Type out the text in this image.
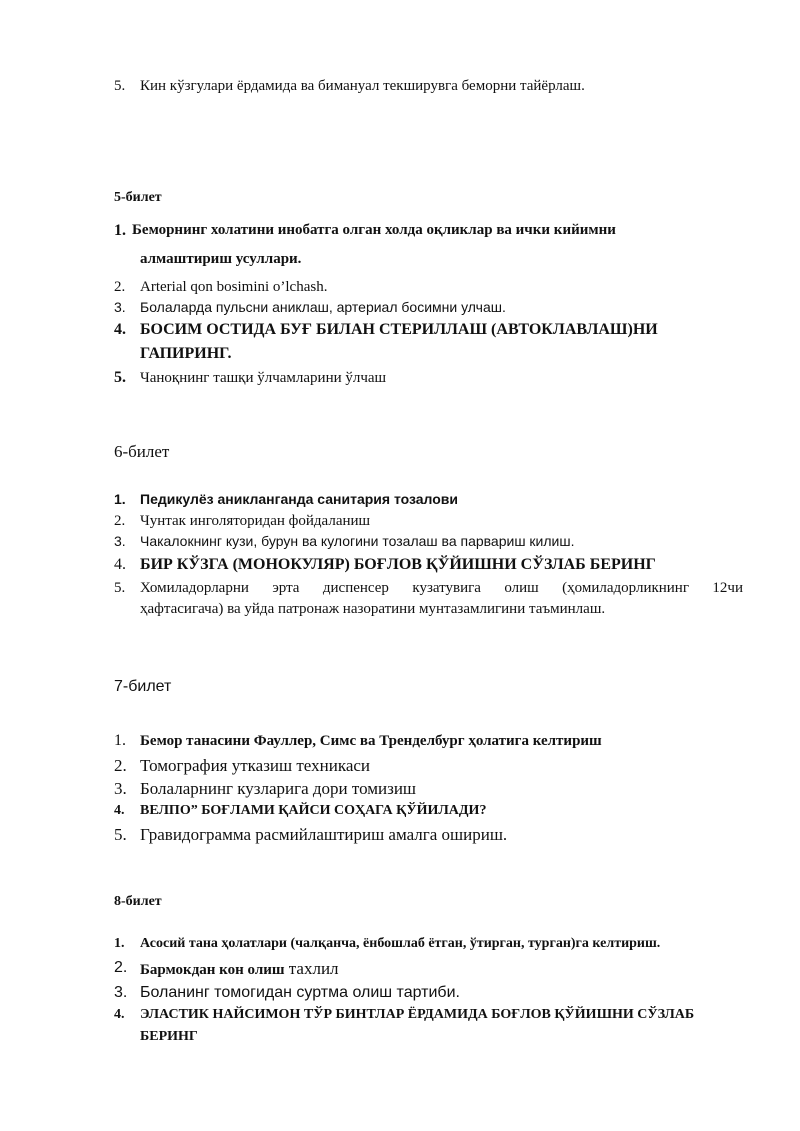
5. Кин кўзгулари ёрдамида ва бимануал текширувга беморни тайёрлаш.
5-билет
1. Беморнинг холатини инобатга олган холда оқликлар ва ички кийимни
алмаштириш усуллари.
2. Arterial qon bosimini o’lchash.
3. Болаларда пульсни аниклаш, артериал босимни улчаш.
4. БОСИМ ОСТИДА БУҒ БИЛАН СТЕРИЛЛАШ (АВТОКЛАВЛАШ)НИ
ГАПИРИНГ.
5. Чаноқнинг ташқи ўлчамларини ўлчаш
6-билет
1. Педикулёз аникланганда санитария тозалови
2. Чунтак инголяторидан фойдаланиш
3. Чакалокнинг кузи, бурун ва кулогини тозалаш ва парвариш килиш.
4. БИР КЎЗГА (МОНОКУЛЯР) БОҒЛОВ ҚЎЙИШНИ СЎЗЛАБ БЕРИНГ
5. Хомиладорларни эрта диспенсер кузатувига олиш (ҳомиладорликнинг 12чи
ҳафтасигача) ва уйда патронаж назоратини мунтазамлигини таъминлаш.
7-билет
1. Бемор танасини Фауллер, Симс ва Тренделбург ҳолатига келтириш
2. Томография утказиш техникаси
3. Болаларнинг кузларига дори томизиш
4. ВЕЛПО” БОҒЛАМИ ҚАЙСИ СОҲАГА ҚЎЙИЛАДИ?
5. Гравидограмма расмийлаштириш амалга ошириш.
8-билет
1. Асосий тана ҳолатлари (чалқанча, ёнбошлаб ётган, ўтирган, турган)га келтириш.
2. Бармокдан кон олиш тахлил
3. Боланинг томогидан суртма олиш тартиби.
4. ЭЛАСТИК НАЙСИМОН ТЎР БИНТЛАР ЁРДАМИДА БОҒЛОВ ҚЎЙИШНИ СЎЗЛАБ
БЕРИНГ
